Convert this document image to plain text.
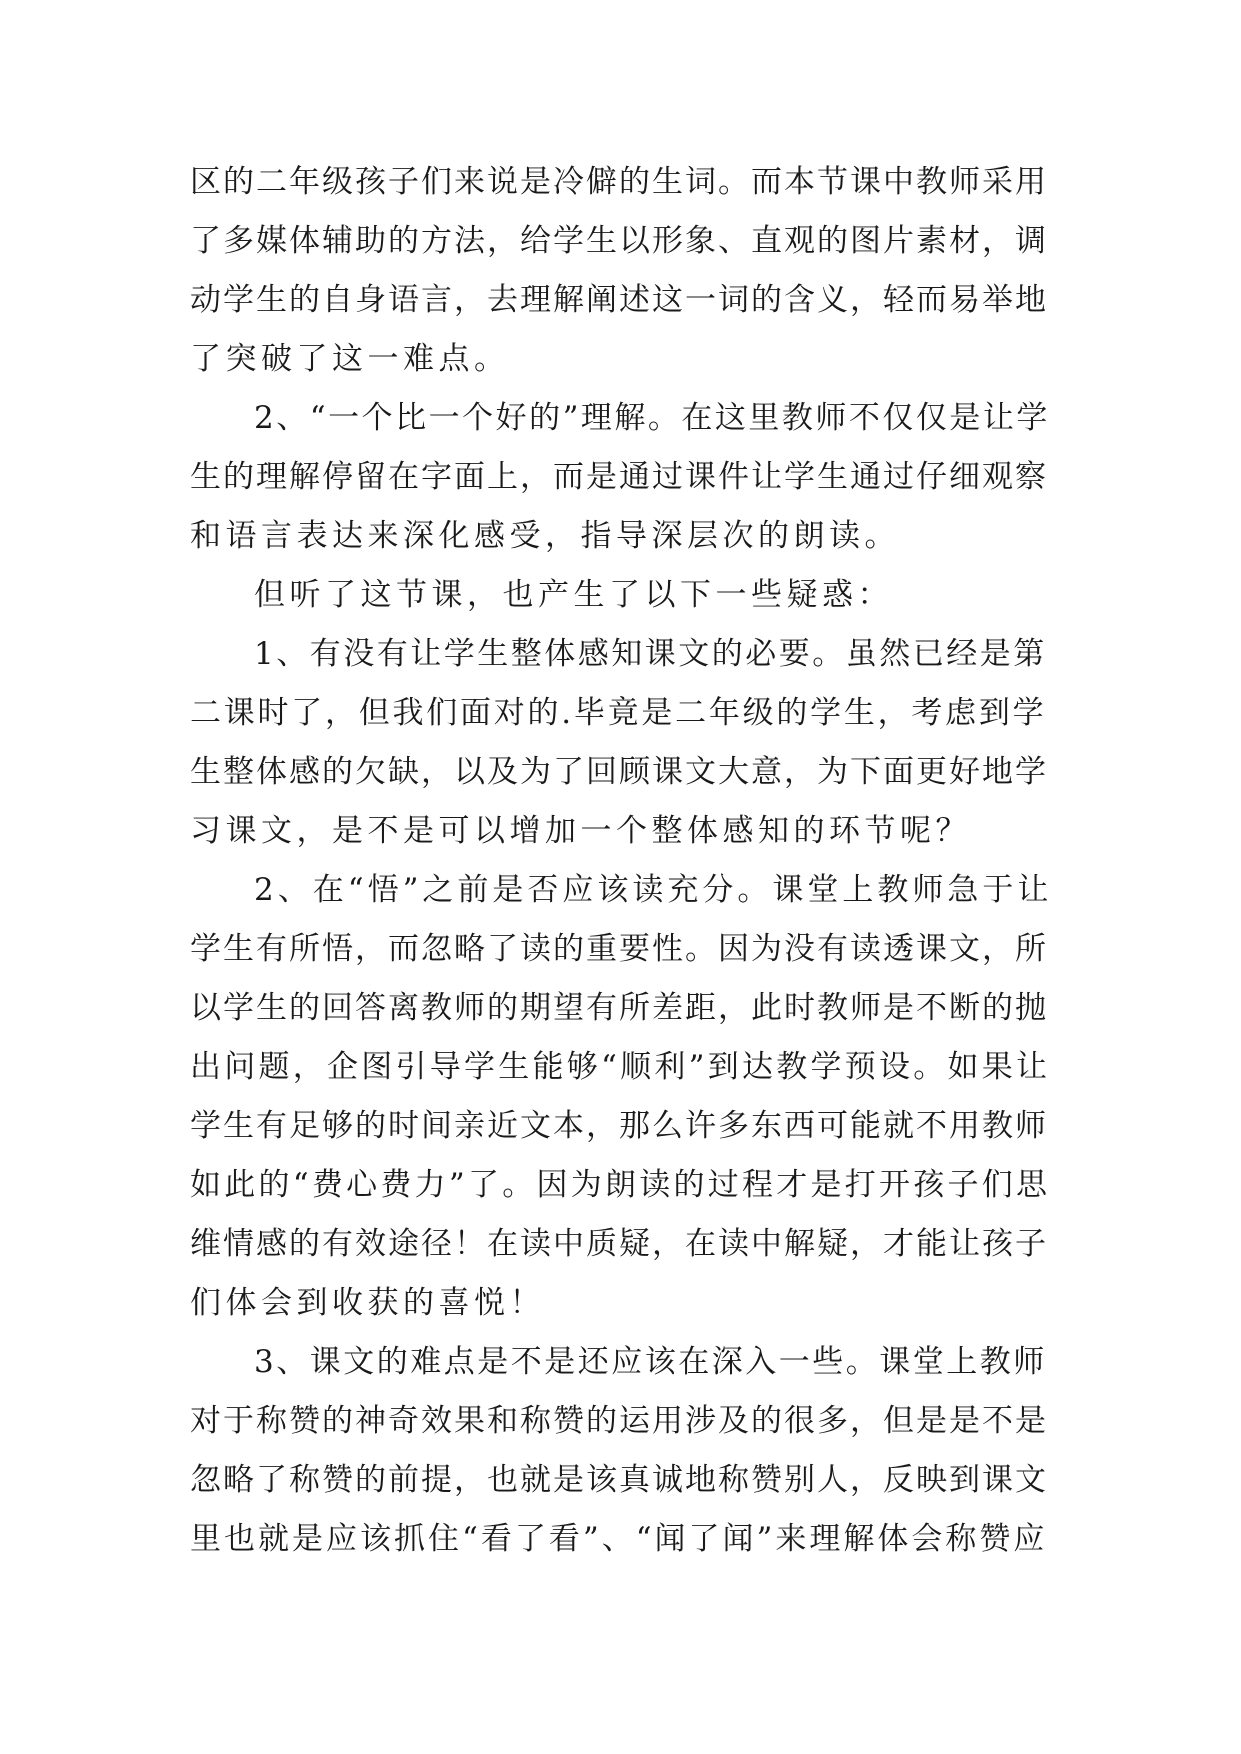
区的二年级孩子们来说是冷僻的生词。而本节课中教师采用

了多媒体辅助的方法，给学生以形象、直观的图片素材，调

动学生的自身语言，去理解阐述这一词的含义，轻而易举地

了突破了这一难点。

2、“一个比一个好的”理解。在这里教师不仅仅是让学

生的理解停留在字面上，而是通过课件让学生通过仔细观察

和语言表达来深化感受，指导深层次的朗读。

但听了这节课，也产生了以下一些疑惑：

1、有没有让学生整体感知课文的必要。虽然已经是第

二课时了，但我们面对的.毕竟是二年级的学生，考虑到学

生整体感的欠缺，以及为了回顾课文大意，为下面更好地学

习课文，是不是可以增加一个整体感知的环节呢？

2、在“悟”之前是否应该读充分。课堂上教师急于让

学生有所悟，而忽略了读的重要性。因为没有读透课文，所

以学生的回答离教师的期望有所差距，此时教师是不断的抛

出问题，企图引导学生能够“顺利”到达教学预设。如果让

学生有足够的时间亲近文本，那么许多东西可能就不用教师

如此的“费心费力”了。因为朗读的过程才是打开孩子们思

维情感的有效途径！在读中质疑，在读中解疑，才能让孩子

们体会到收获的喜悦！

3、课文的难点是不是还应该在深入一些。课堂上教师

对于称赞的神奇效果和称赞的运用涉及的很多，但是是不是

忽略了称赞的前提，也就是该真诚地称赞别人，反映到课文

里也就是应该抓住“看了看”、“闻了闻”来理解体会称赞应
